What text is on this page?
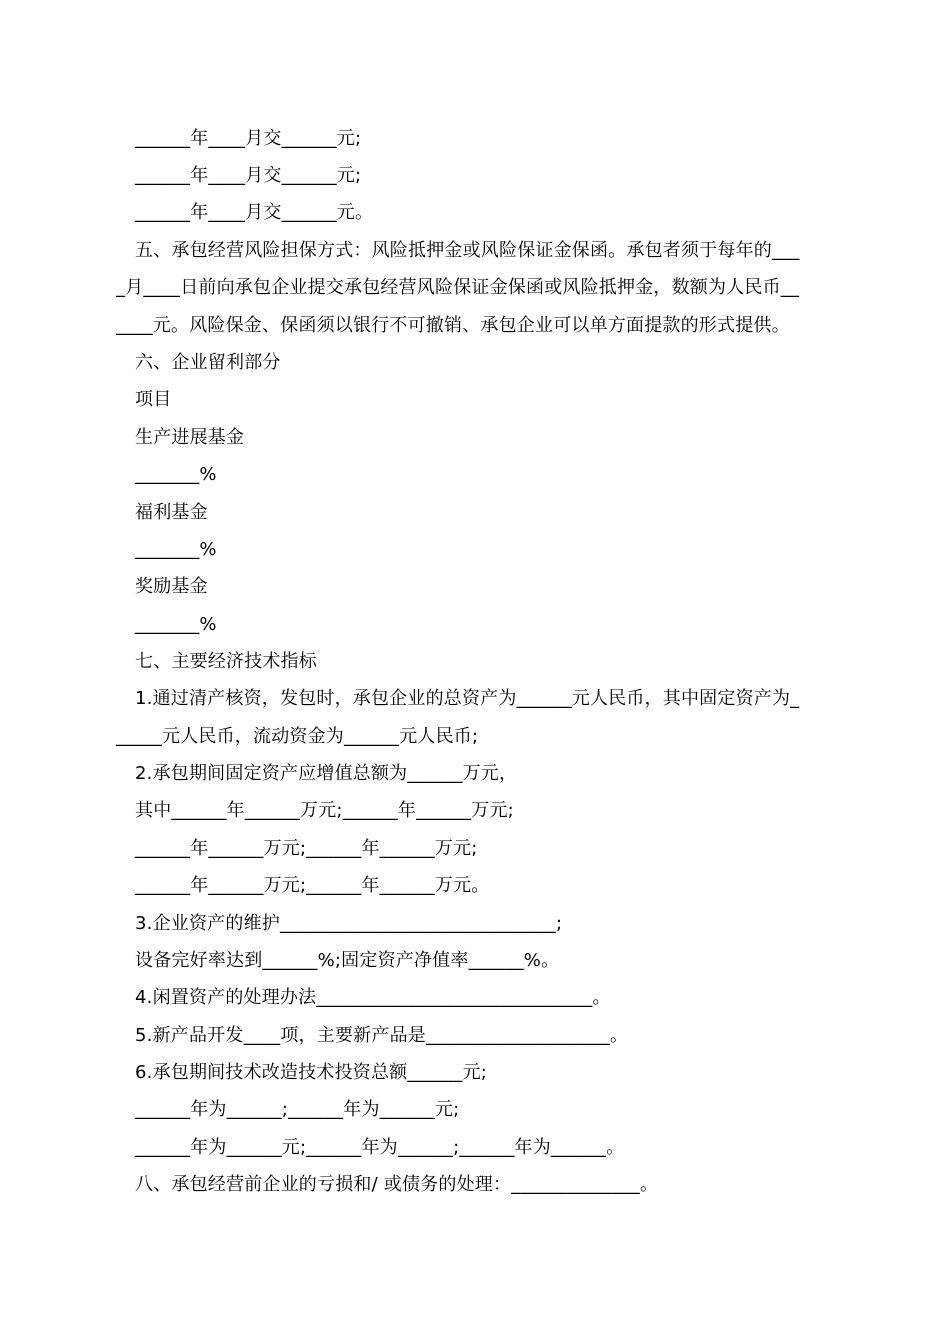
______年____月交______元;
______年____月交______元;
______年____月交______元。
五、承包经营风险担保方式：风险抵押金或风险保证金保函。承包者须于每年的___
_月____日前向承包企业提交承包经营风险保证金保函或风险抵押金，数额为人民币__
____元。风险保金、保函须以银行不可撤销、承包企业可以单方面提款的形式提供。
六、企业留利部分
项目
生产进展基金
_______%
福利基金
_______%
奖励基金
_______%
七、主要经济技术指标
1.通过清产核资，发包时，承包企业的总资产为______元人民币，其中固定资产为_
_____元人民币，流动资金为______元人民币;
2.承包期间固定资产应增值总额为______万元，
其中______年______万元;______年______万元;
______年______万元;______年______万元;
______年______万元;______年______万元。
3.企业资产的维护______________________________;
设备完好率达到______%;固定资产净值率______%。
4.闲置资产的处理办法______________________________。
5.新产品开发____项，主要新产品是____________________。
6.承包期间技术改造技术投资总额______元;
______年为______;______年为______元;
______年为______元;______年为______;______年为______。
八、承包经营前企业的亏损和/ 或债务的处理：______________。
